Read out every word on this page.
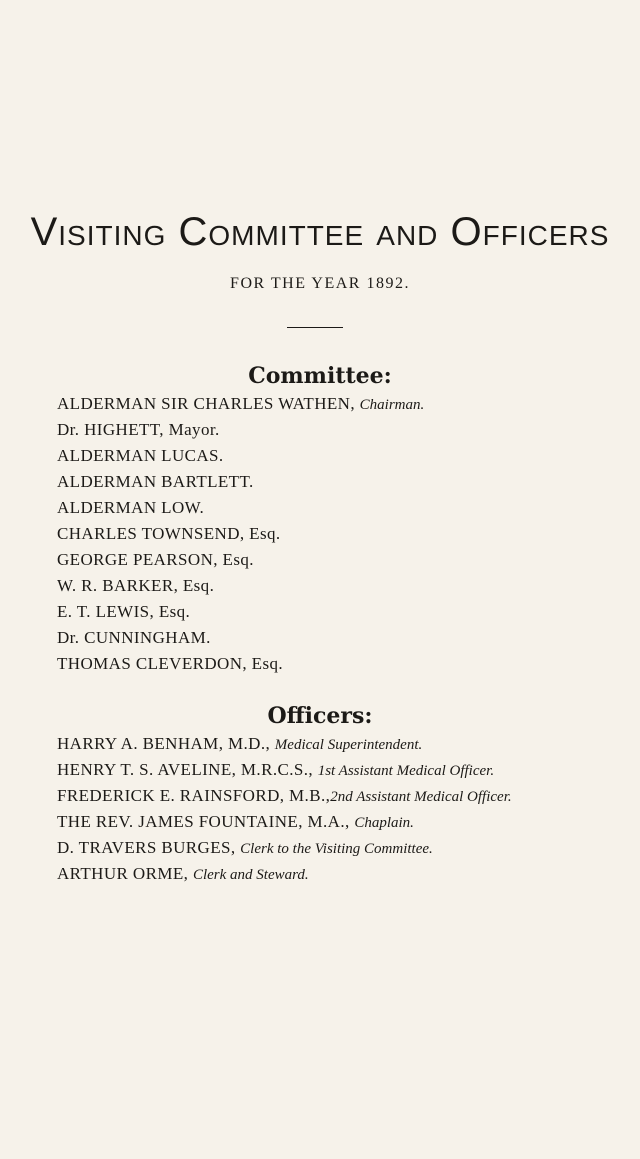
Visiting Committee and Officers
FOR THE YEAR 1892.
Committee:
ALDERMAN SIR CHARLES WATHEN, Chairman.
Dr. HIGHETT, Mayor.
ALDERMAN LUCAS.
ALDERMAN BARTLETT.
ALDERMAN LOW.
CHARLES TOWNSEND, Esq.
GEORGE PEARSON, Esq.
W. R. BARKER, Esq.
E. T. LEWIS, Esq.
Dr. CUNNINGHAM.
THOMAS CLEVERDON, Esq.
Officers:
HARRY A. BENHAM, M.D., Medical Superintendent.
HENRY T. S. AVELINE, M.R.C.S., 1st Assistant Medical Officer.
FREDERICK E. RAINSFORD, M.B.,2nd Assistant Medical Officer.
THE REV. JAMES FOUNTAINE, M.A., Chaplain.
D. TRAVERS BURGES, Clerk to the Visiting Committee.
ARTHUR ORME, Clerk and Steward.
